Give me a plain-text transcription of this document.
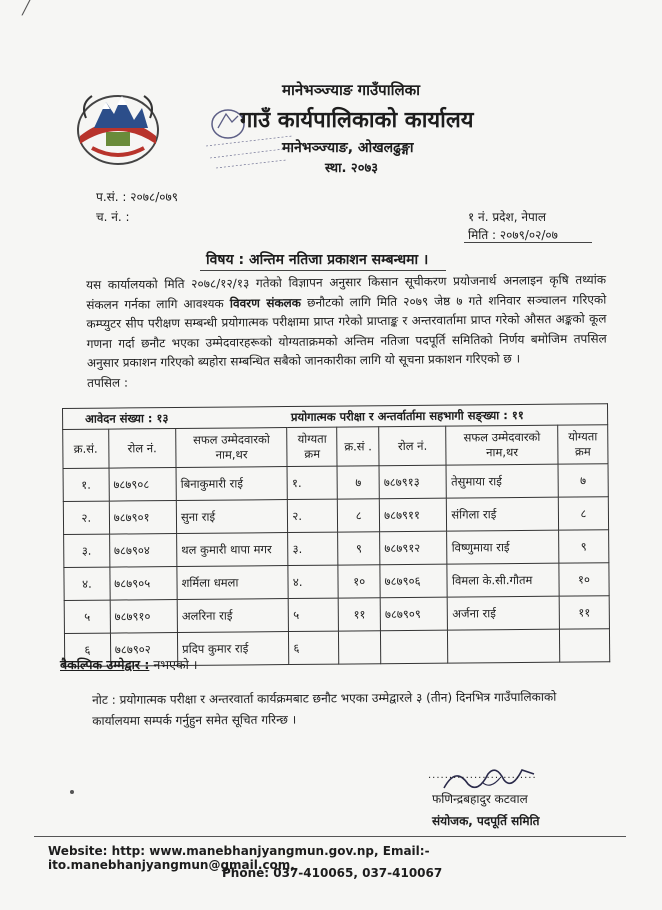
╱
मानेभञ्ज्याङ गाउँपालिका
गाउँ कार्यपालिकाको कार्यालय
मानेभञ्ज्याङ, ओखलढुङ्गा
स्था. २०७३
प.सं. : २०७८/०७९
च. नं. :	१ नं. प्रदेश, नेपाल
मिति : २०७९/०२/०७
विषय : अन्तिम नतिजा प्रकाशन सम्बन्धमा ।
यस कार्यालयको मिति २०७८/१२/१३ गतेको विज्ञापन अनुसार किसान सूचीकरण प्रयोजनार्थ अनलाइन कृषि तथ्यांक संकलन गर्नका लागि आवश्यक विवरण संकलक छनौटको लागि मिति २०७९ जेष्ठ ७ गते शनिवार सञ्चालन गरिएको कम्प्युटर सीप परीक्षण सम्बन्धी प्रयोगात्मक परीक्षामा प्राप्त गरेको प्राप्ताङ्क र अन्तरवार्तामा प्राप्त गरेको औसत अङ्कको कूल गणना गर्दा छनौट भएका उम्मेदवारहरूको योग्यताक्रमको अन्तिम नतिजा पदपूर्ति समितिको निर्णय बमोजिम तपसिल अनुसार प्रकाशन गरिएको ब्यहोरा सम्बन्धित सबैको जानकारीका लागि यो सूचना प्रकाशन गरिएको छ ।
तपसिल :
आवेदन संख्या : १३			प्रयोगात्मक परीक्षा र अन्तर्वार्तामा सहभागी सङ्ख्या : ११				
क्र.सं.	रोल नं.	सफल उम्मेदवारको नाम,थर	योग्यता क्रम	क्र.सं .	रोल नं.	सफल उम्मेदवारको नाम,थर	योग्यता क्रम
१.	७८७९०८	बिनाकुमारी राई	१.	७	७८७९१३	तेसुमाया राई	७
२.	७८७९०१	सुना राई	२.	८	७८७९११	संगिला राई	८
३.	७८७९०४	थल कुमारी थापा मगर	३.	९	७८७९१२	विष्णुमाया राई	९
४.	७८७९०५	शर्मिला धमला	४.	१०	७८७९०६	विमला के.सी.गौतम	१०
५	७८७९१०	अलरिना राई	५	११	७८७९०९	अर्जना राई	११
६	७८७९०२	प्रदिप कुमार राई	६				
बैकल्पिक उम्मेद्वार : नभएको ।
नोट : प्रयोगात्मक परीक्षा र अन्तरवार्ता कार्यक्रमबाट छनौट भएका उम्मेद्वारले ३ (तीन) दिनभित्र गाउँपालिकाको कार्यालयमा सम्पर्क गर्नुहुन समेत सूचित गरिन्छ ।
..........................
फणिन्द्रबहादुर कटवाल
संयोजक, पदपूर्ति समिति
Website: http: www.manebhanjyangmun.gov.np, Email:-ito.manebhanjyangmun@gmail.com,
Phone: 037-410065, 037-410067
